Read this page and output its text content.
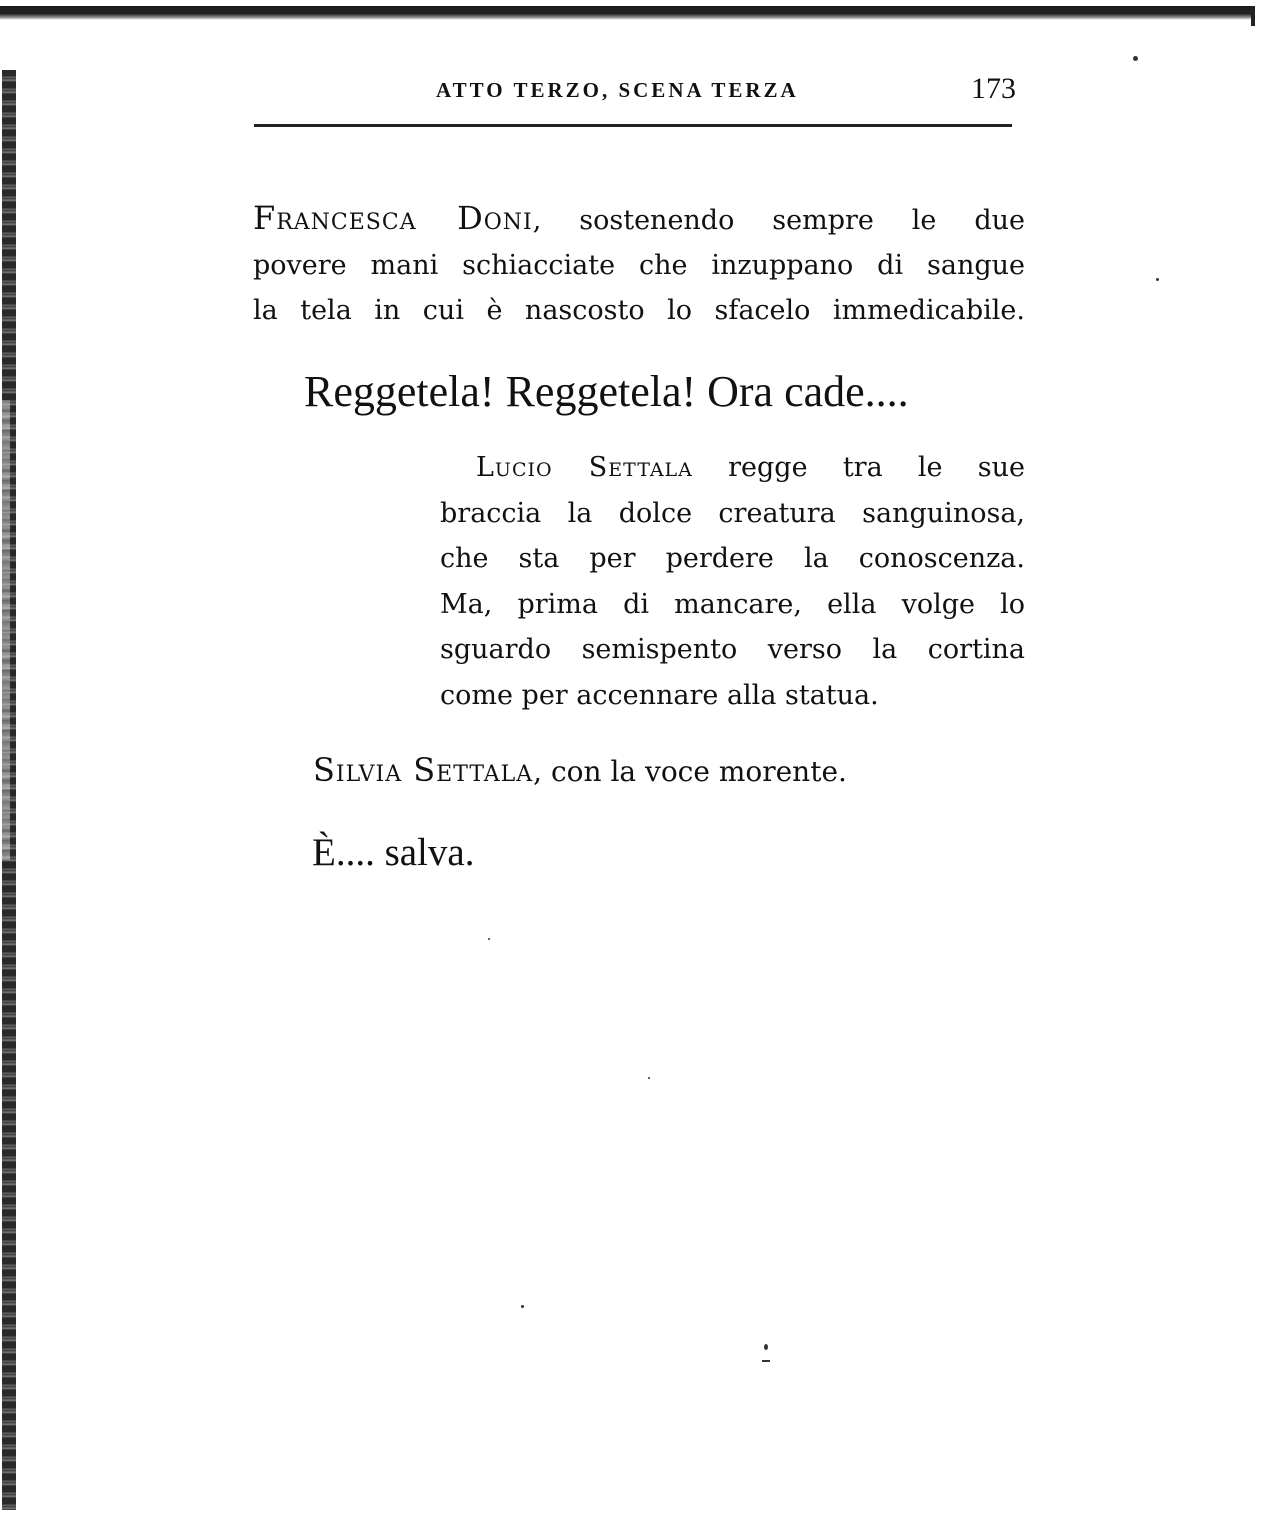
ATTO TERZO, SCENA TERZA	173
Francesca Doni, sostenendo sempre le due
povere mani schiacciate che inzuppano di sangue
la tela in cui è nascosto lo sfacelo immedicabile.
Reggetela! Reggetela! Ora cade....
Lucio Settala regge tra le sue
braccia la dolce creatura sanguinosa,
che sta per perdere la conoscenza.
Ma, prima di mancare, ella volge lo
sguardo semispento verso la cortina
come per accennare alla statua.
Silvia Settala, con la voce morente.
È.... salva.
